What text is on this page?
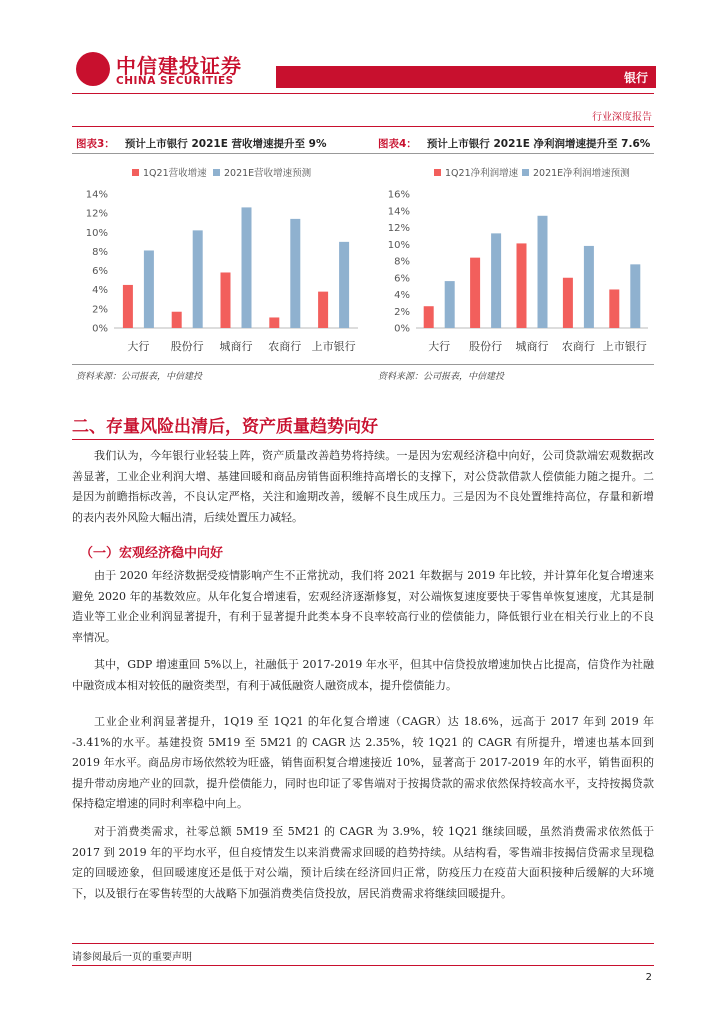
中信建投证券
CHINA SECURITIES	银行
行业深度报告
图表3： 预计上市银行 2021E 营收增速提升至 9%	图表4： 预计上市银行 2021E 净利润增速提升至 7.6%
1Q21营收增速 2021E营收增速预测
0%
2%
4%
6%
8%
10%
12%
14%
大行 股份行 城商行 农商行 上市银行
1Q21净利润增速 2021E净利润增速预测
0%
2%
4%
6%
8%
10%
12%
14%
16%
大行 股份行 城商行 农商行 上市银行
资料来源：公司报表，中信建投	资料来源：公司报表，中信建投
二、存量风险出清后，资产质量趋势向好
我们认为，今年银行业轻装上阵，资产质量改善趋势将持续。一是因为宏观经济稳中向好，公司贷款端宏观数据改善显著，工业企业利润大增、基建回暖和商品房销售面积维持高增长的支撑下，对公贷款借款人偿债能力随之提升。二是因为前瞻指标改善，不良认定严格，关注和逾期改善，缓解不良生成压力。三是因为不良处置维持高位，存量和新增的表内表外风险大幅出清，后续处置压力减轻。
（一）宏观经济稳中向好
由于 2020 年经济数据受疫情影响产生不正常扰动，我们将 2021 年数据与 2019 年比较，并计算年化复合增速来避免 2020 年的基数效应。从年化复合增速看，宏观经济逐渐修复，对公端恢复速度要快于零售单恢复速度，尤其是制造业等工业企业利润显著提升，有利于显著提升此类本身不良率较高行业的偿债能力，降低银行业在相关行业上的不良率情况。
其中，GDP 增速重回 5%以上，社融低于 2017-2019 年水平，但其中信贷投放增速加快占比提高，信贷作为社融中融资成本相对较低的融资类型，有利于减低融资人融资成本，提升偿债能力。
工业企业利润显著提升，1Q19 至 1Q21 的年化复合增速（CAGR）达 18.6%，远高于 2017 年到 2019 年 -3.41%的水平。基建投资 5M19 至 5M21 的 CAGR 达 2.35%，较 1Q21 的 CAGR 有所提升，增速也基本回到 2019 年水平。商品房市场依然较为旺盛，销售面积复合增速接近 10%，显著高于 2017-2019 年的水平，销售面积的提升带动房地产业的回款，提升偿债能力，同时也印证了零售端对于按揭贷款的需求依然保持较高水平，支持按揭贷款保持稳定增速的同时利率稳中向上。
对于消费类需求，社零总额 5M19 至 5M21 的 CAGR 为 3.9%，较 1Q21 继续回暖，虽然消费需求依然低于 2017 到 2019 年的平均水平，但自疫情发生以来消费需求回暖的趋势持续。从结构看，零售端非按揭信贷需求呈现稳定的回暖迹象，但回暖速度还是低于对公端，预计后续在经济回归正常，防疫压力在疫苗大面积接种后缓解的大环境下，以及银行在零售转型的大战略下加强消费类信贷投放，居民消费需求将继续回暖提升。
请参阅最后一页的重要声明
2
